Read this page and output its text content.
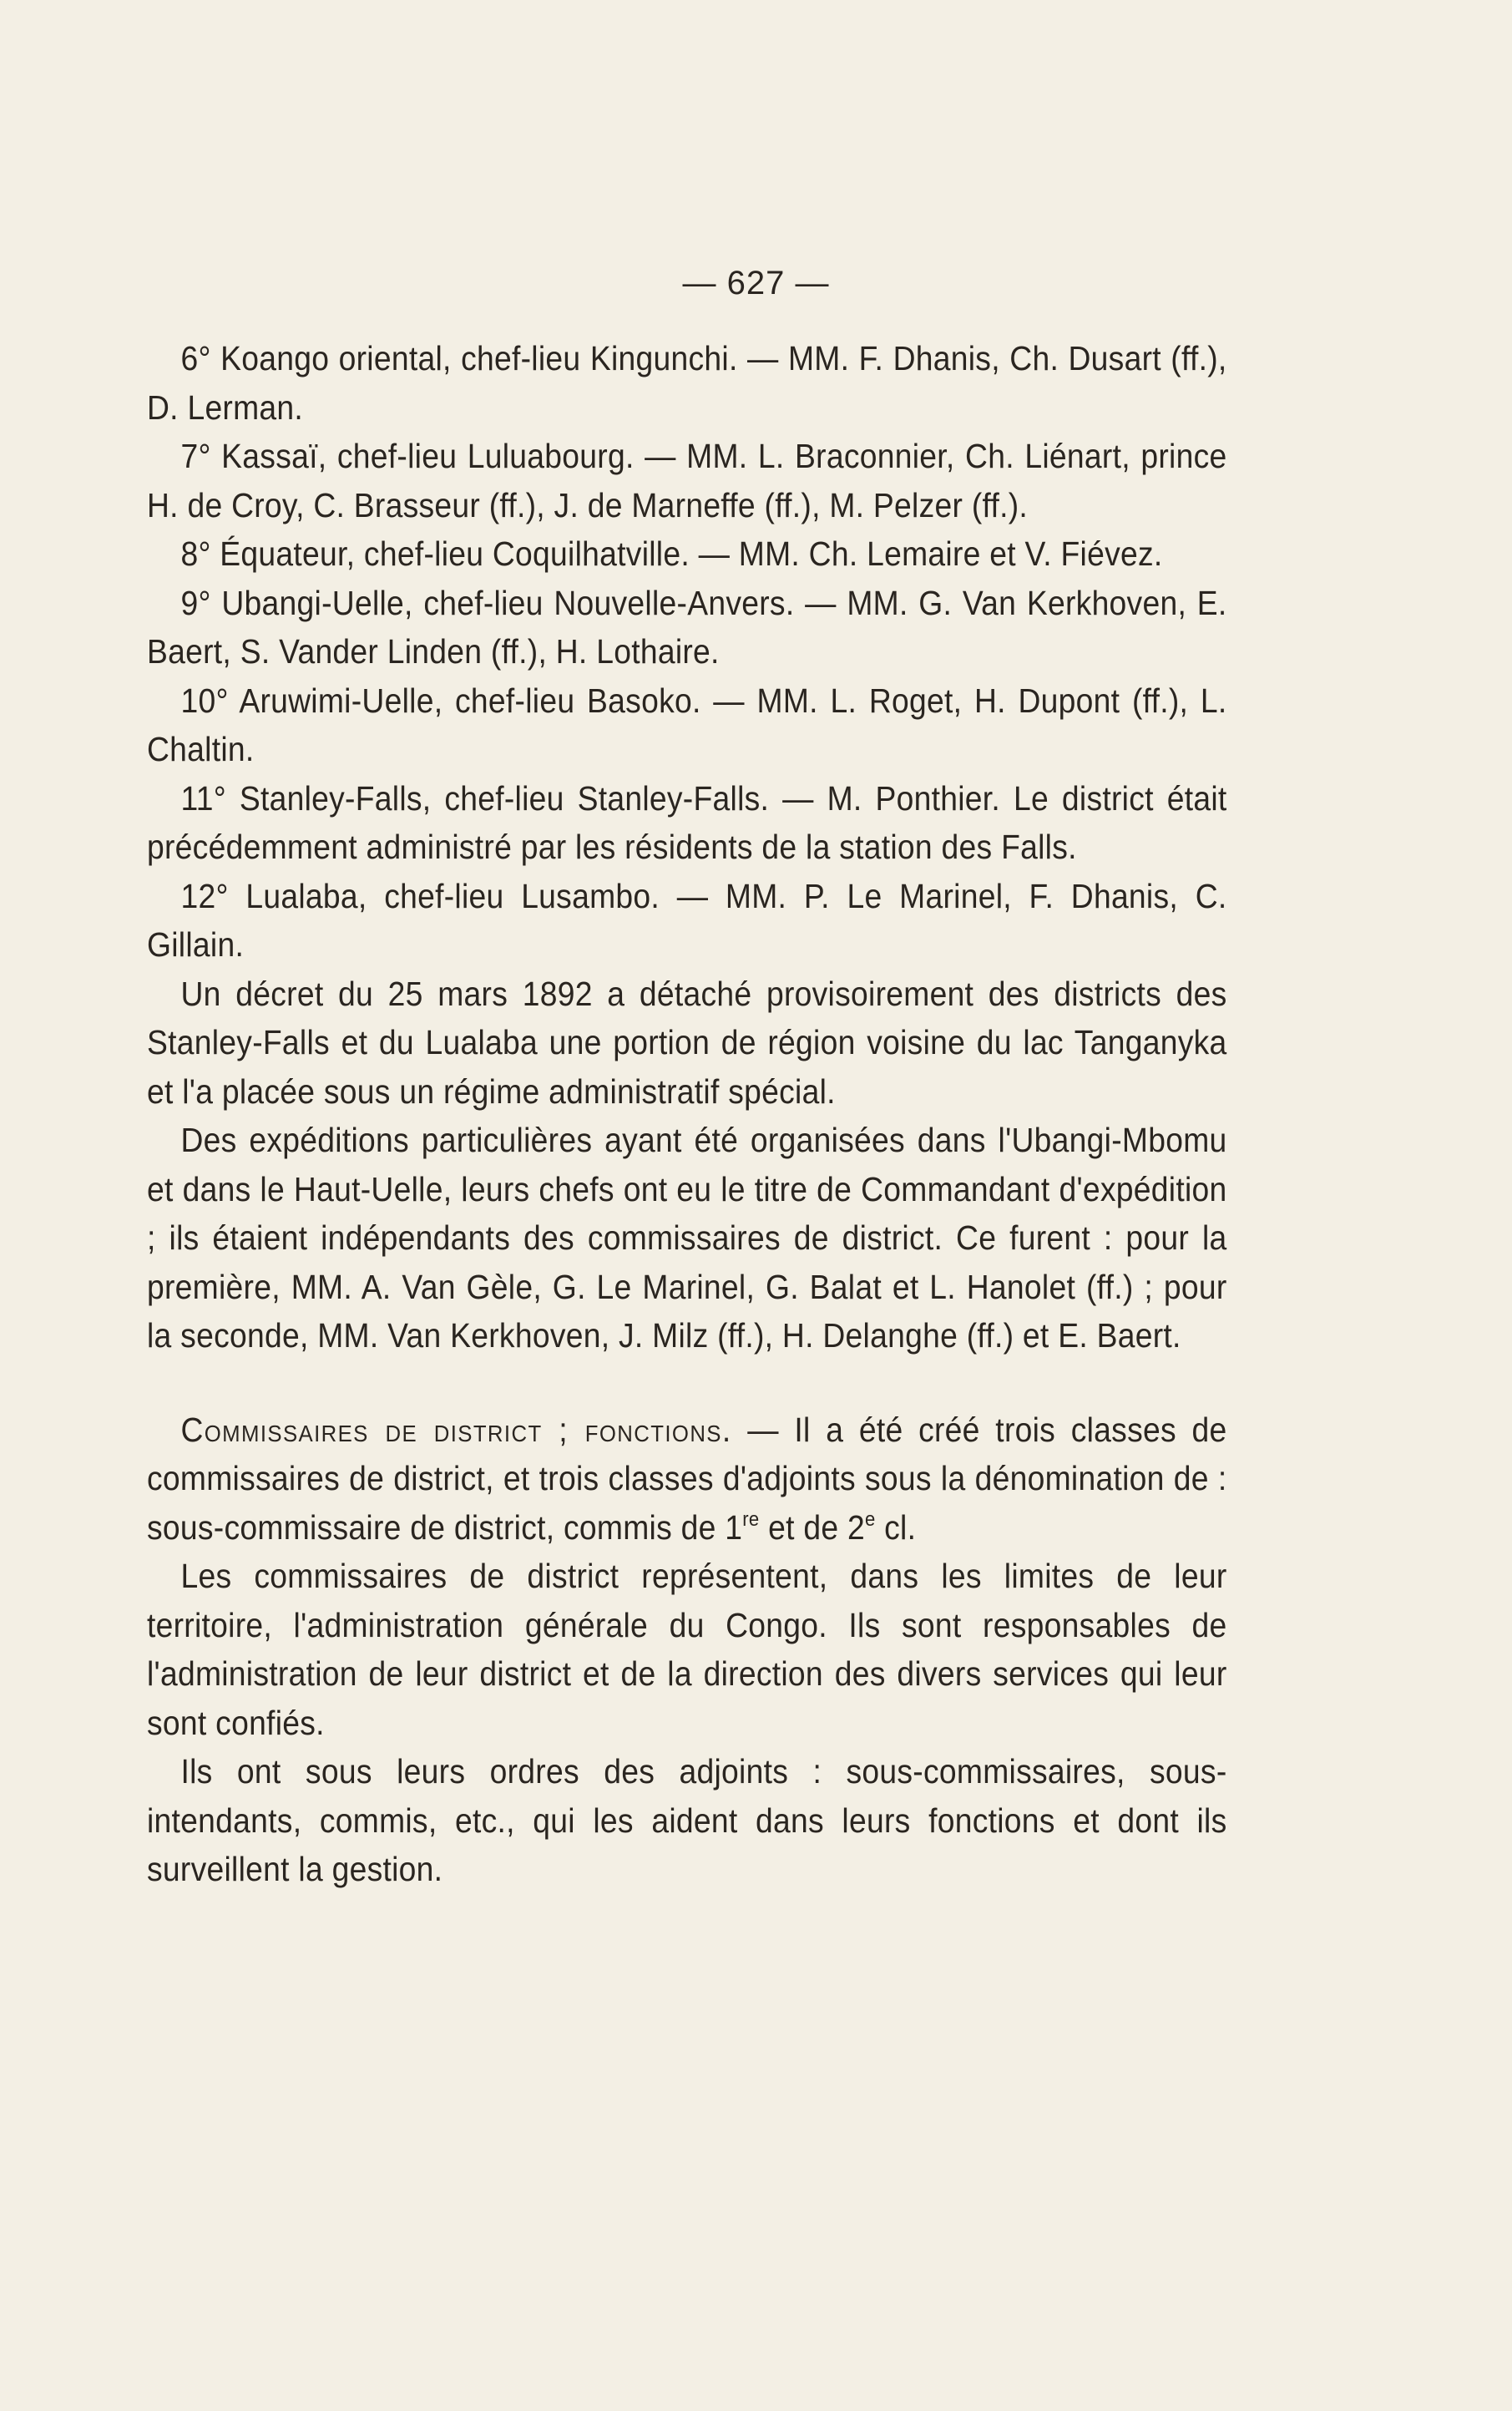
— 627 —

6° Koango oriental, chef-lieu Kingunchi. — MM. F. Dhanis, Ch. Dusart (ff.), D. Lerman.

7° Kassaï, chef-lieu Luluabourg. — MM. L. Braconnier, Ch. Liénart, prince H. de Croy, C. Brasseur (ff.), J. de Marneffe (ff.), M. Pelzer (ff.).

8° Équateur, chef-lieu Coquilhatville. — MM. Ch. Lemaire et V. Fiévez.

9° Ubangi-Uelle, chef-lieu Nouvelle-Anvers. — MM. G. Van Kerkhoven, E. Baert, S. Vander Linden (ff.), H. Lothaire.

10° Aruwimi-Uelle, chef-lieu Basoko. — MM. L. Roget, H. Dupont (ff.), L. Chaltin.

11° Stanley-Falls, chef-lieu Stanley-Falls. — M. Ponthier. Le district était précédemment administré par les résidents de la station des Falls.

12° Lualaba, chef-lieu Lusambo. — MM. P. Le Marinel, F. Dhanis, C. Gillain.

Un décret du 25 mars 1892 a détaché provisoirement des districts des Stanley-Falls et du Lualaba une portion de région voisine du lac Tanganyka et l'a placée sous un régime administratif spécial.

Des expéditions particulières ayant été organisées dans l'Ubangi-Mbomu et dans le Haut-Uelle, leurs chefs ont eu le titre de Commandant d'expédition ; ils étaient indépendants des commissaires de district. Ce furent : pour la première, MM. A. Van Gèle, G. Le Marinel, G. Balat et L. Hanolet (ff.) ; pour la seconde, MM. Van Kerkhoven, J. Milz (ff.), H. Delanghe (ff.) et E. Baert.

Commissaires de district ; fonctions. — Il a été créé trois classes de commissaires de district, et trois classes d'adjoints sous la dénomination de : sous-commissaire de district, commis de 1re et de 2e cl.

Les commissaires de district représentent, dans les limites de leur territoire, l'administration générale du Congo. Ils sont responsables de l'administration de leur district et de la direction des divers services qui leur sont confiés.

Ils ont sous leurs ordres des adjoints : sous-commissaires, sous-intendants, commis, etc., qui les aident dans leurs fonctions et dont ils surveillent la gestion.
